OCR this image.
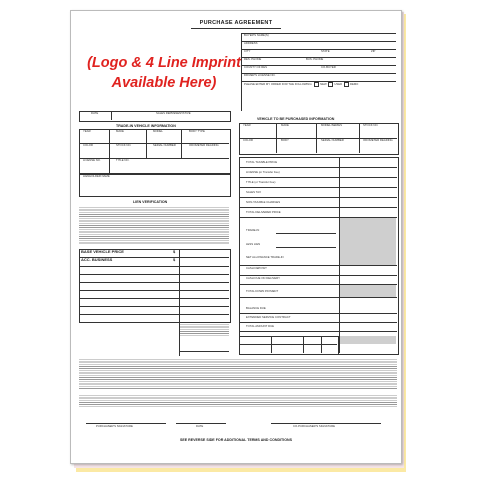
PURCHASE AGREEMENT
(Logo & 4 Line Imprint
Available Here)
BUYER'S NAME(S)
ADDRESS
CITY	STATE	ZIP
RES. PHONE	BUS. PHONE
COUNTY OF RES	CO-BUYER
DRIVER'S LICENSE NO.
PLEASE ENTER MY ORDER FOR THE FOLLOWING:	NEW	USED	DEMO
DATE	SALES REPRESENTATIVE
TRADE-IN VEHICLE INFORMATION
YEAR	MAKE	MODEL	BODY TYPE
COLOR	STOCK NO.	SERIAL NUMBER	ODOMETER READING
LICENSE NO.	TITLE NO.
LIENHOLDER NAME
LIEN VERIFICATION
BASE VEHICLE PRICE	$
ACC. BUSINESS	$
VEHICLE TO BE PURCHASED INFORMATION
YEAR	MAKE	MODEL/SERIES	STOCK NO.
COLOR	BODY	SERIAL NUMBER	ODOMETER READING
TOTAL TAXABLE PRICE
LICENSE (or Transfer Fee)
TITLE (or Transfer Fee)
SALES TAX
NON-TAXABLE CHARGES
TOTAL DELIVERED PRICE
TRADE-IN
LESS LIEN
NET ALLOWANCE TRADE-IN
CASH DEPOSIT
CASH DUE ON DELIVERY
TOTAL DOWN PAYMENT
BALANCE DUE
EXTENDED SERVICE CONTRACT
TOTAL AMOUNT DUE
PURCHASER'S SIGNATURE	DATE	CO-PURCHASER'S SIGNATURE
SEE REVERSE SIDE FOR ADDITIONAL TERMS AND CONDITIONS
